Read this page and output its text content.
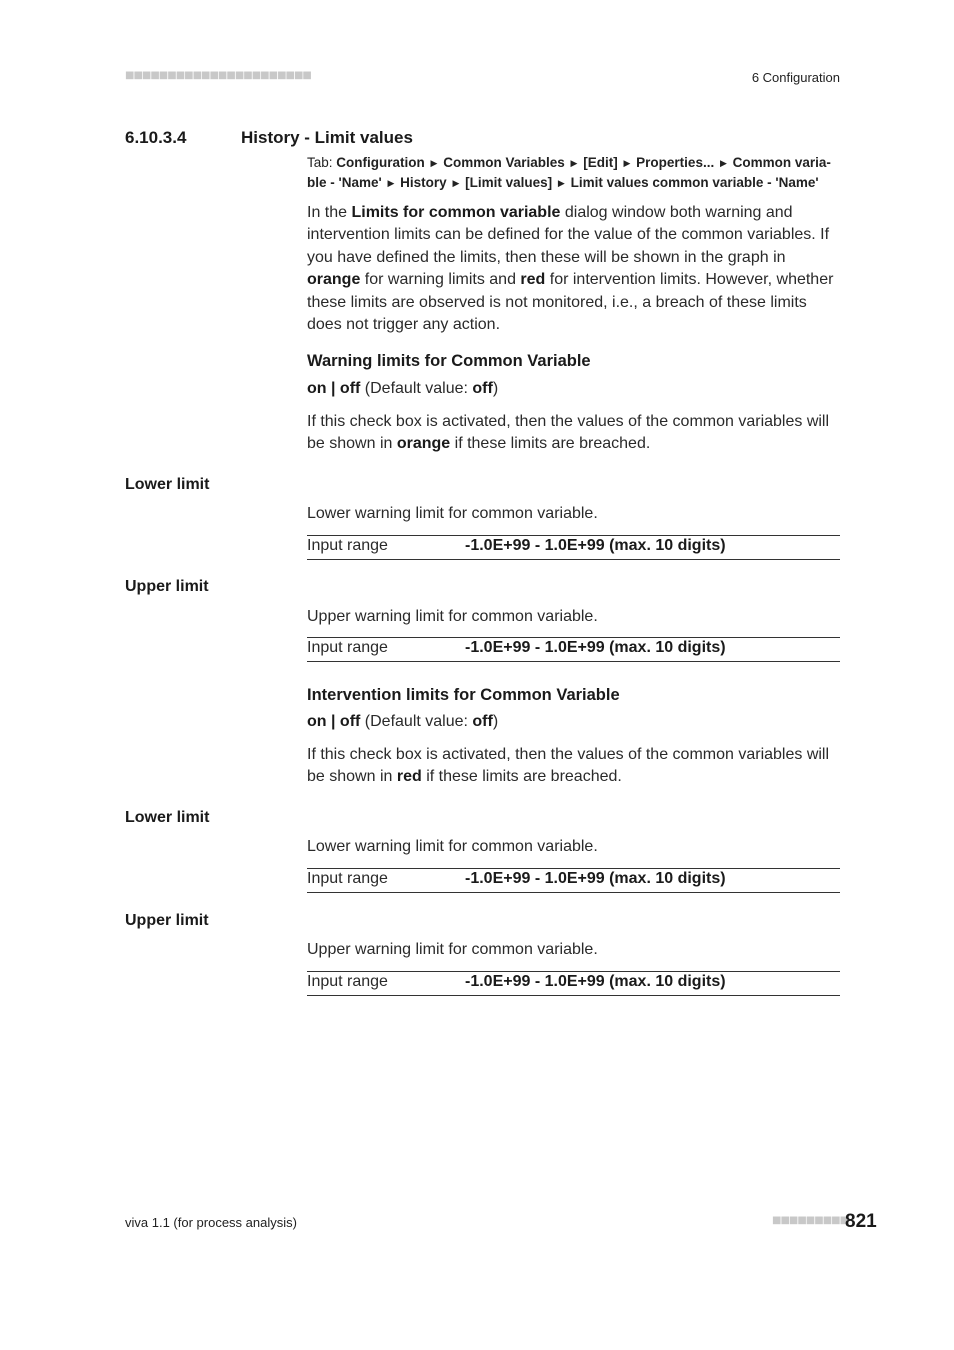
■■■■■■■■■■■■■■■■■■■■■■	6 Configuration
6.10.3.4	History - Limit values
Tab: Configuration ▶ Common Variables ▶ [Edit] ▶ Properties... ▶ Common varia-ble - 'Name' ▶ History ▶ [Limit values] ▶ Limit values common variable - 'Name'
In the Limits for common variable dialog window both warning and intervention limits can be defined for the value of the common variables. If you have defined the limits, then these will be shown in the graph in orange for warning limits and red for intervention limits. However, whether these limits are observed is not monitored, i.e., a breach of these limits does not trigger any action.
Warning limits for Common Variable
on | off (Default value: off)
If this check box is activated, then the values of the common variables will be shown in orange if these limits are breached.
Lower limit
Lower warning limit for common variable.
Input range	-1.0E+99 - 1.0E+99 (max. 10 digits)
Upper limit
Upper warning limit for common variable.
Input range	-1.0E+99 - 1.0E+99 (max. 10 digits)
Intervention limits for Common Variable
on | off (Default value: off)
If this check box is activated, then the values of the common variables will be shown in red if these limits are breached.
Lower limit
Lower warning limit for common variable.
Input range	-1.0E+99 - 1.0E+99 (max. 10 digits)
Upper limit
Upper warning limit for common variable.
Input range	-1.0E+99 - 1.0E+99 (max. 10 digits)
viva 1.1 (for process analysis)	■■■■■■■■■
821
